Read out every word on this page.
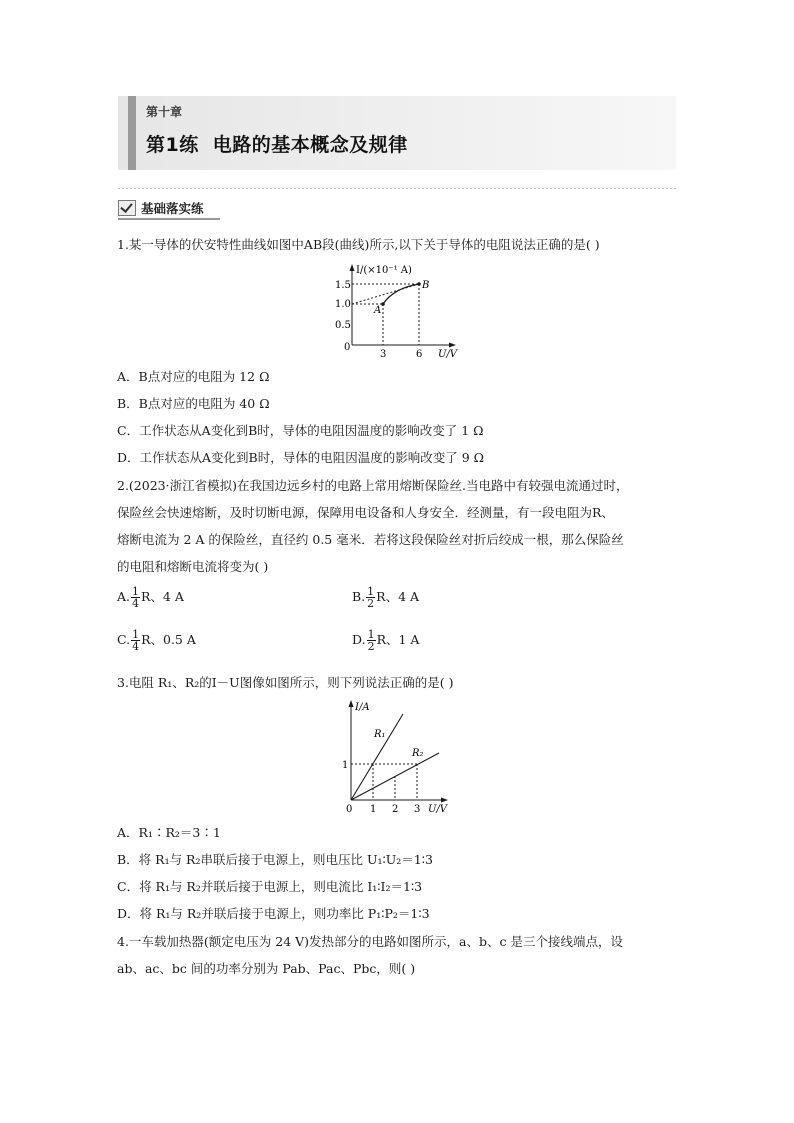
第十章
第1练 电路的基本概念及规律
基础落实练
1.某一导体的伏安特性曲线如图中AB段(曲线)所示,以下关于导体的电阻说法正确的是( )
I/(×10⁻¹ A)
U/V
0
1.5
1.0
0.5
3	6
A
B
A．B点对应的电阻为 12 Ω
B．B点对应的电阻为 40 Ω
C．工作状态从A变化到B时，导体的电阻因温度的影响改变了 1 Ω
D．工作状态从A变化到B时，导体的电阻因温度的影响改变了 9 Ω
2.(2023·浙江省模拟)在我国边远乡村的电路上常用熔断保险丝.当电路中有较强电流通过时，
保险丝会快速熔断，及时切断电源，保障用电设备和人身安全．经测量，有一段电阻为R、
熔断电流为 2 A 的保险丝，直径约 0.5 毫米．若将这段保险丝对折后绞成一根，那么保险丝
的电阻和熔断电流将变为( )
A. $\frac{1}{4}$ R、4 A	B. $\frac{1}{2}$ R、4 A
C. $\frac{1}{4}$ R、0.5 A	D. $\frac{1}{2}$ R、1 A
3.电阻 R₁、R₂的I－U图像如图所示，则下列说法正确的是( )
I/A
U/V
0
1
1 2 3
R₁
R₂
A．R₁∶R₂＝3∶1
B．将 R₁与 R₂串联后接于电源上，则电压比 U₁∶U₂＝1∶3
C．将 R₁与 R₂并联后接于电源上，则电流比 I₁∶I₂＝1∶3
D．将 R₁与 R₂并联后接于电源上，则功率比 P₁∶P₂＝1∶3
4.一车载加热器(额定电压为 24 V)发热部分的电路如图所示，a、b、c 是三个接线端点，设
ab、ac、bc 间的功率分别为 Pab、Pac、Pbc，则( )
